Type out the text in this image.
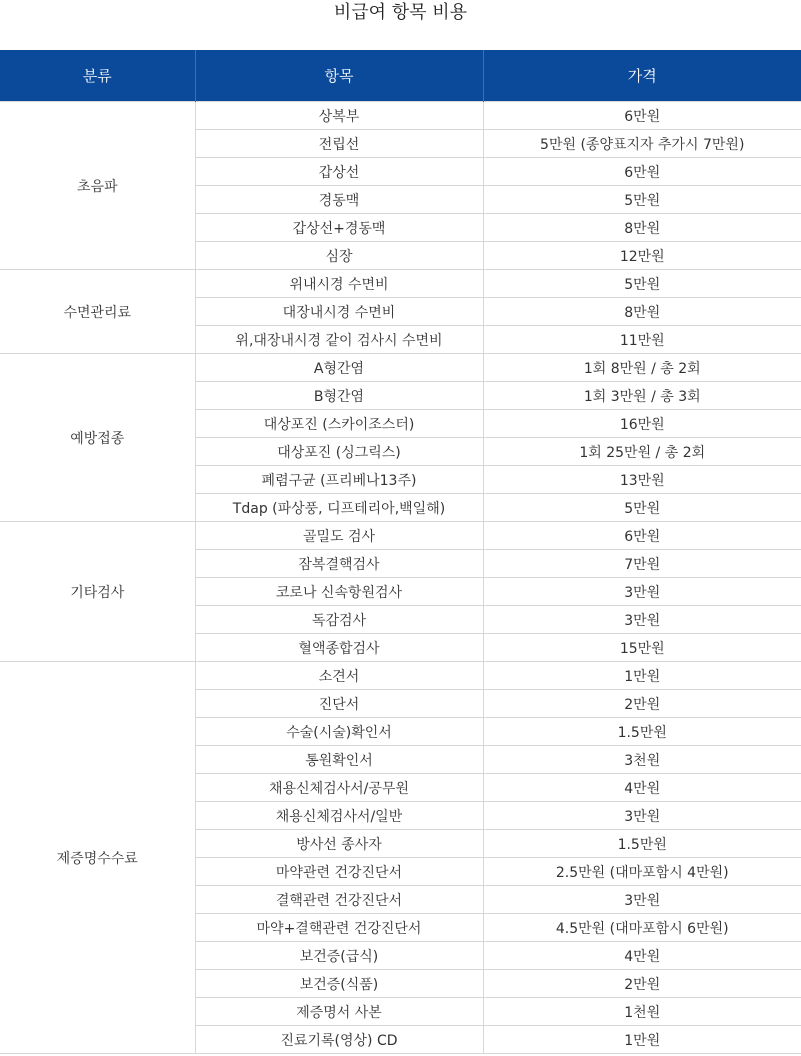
비급여 항목 비용
분류	항목	가격
초음파	상복부	6만원
	전립선	5만원 (종양표지자 추가시 7만원)
	갑상선	6만원
	경동맥	5만원
	갑상선+경동맥	8만원
	심장	12만원
수면관리료	위내시경 수면비	5만원
	대장내시경 수면비	8만원
	위,대장내시경 같이 검사시 수면비	11만원
예방접종	A형간염	1회 8만원 / 총 2회
	B형간염	1회 3만원 / 총 3회
	대상포진 (스카이조스터)	16만원
	대상포진 (싱그릭스)	1회 25만원 / 총 2회
	폐렴구균 (프리베나13주)	13만원
	Tdap (파상풍, 디프테리아,백일해)	5만원
기타검사	골밀도 검사	6만원
	잠복결핵검사	7만원
	코로나 신속항원검사	3만원
	독감검사	3만원
	혈액종합검사	15만원
제증명수수료	소견서	1만원
	진단서	2만원
	수술(시술)확인서	1.5만원
	통원확인서	3천원
	채용신체검사서/공무원	4만원
	채용신체검사서/일반	3만원
	방사선 종사자	1.5만원
	마약관련 건강진단서	2.5만원 (대마포함시 4만원)
	결핵관련 건강진단서	3만원
	마약+결핵관련 건강진단서	4.5만원 (대마포함시 6만원)
	보건증(급식)	4만원
	보건증(식품)	2만원
	제증명서 사본	1천원
	진료기록(영상) CD	1만원
